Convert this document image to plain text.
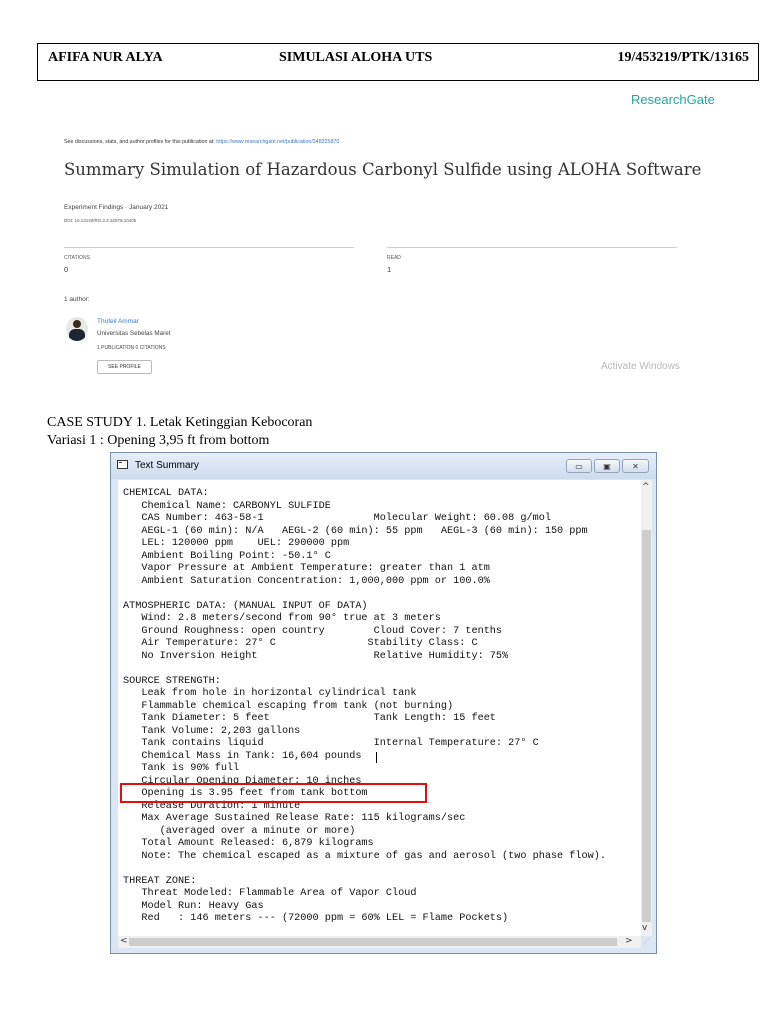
AFIFA NUR ALYA	SIMULASI ALOHA UTS	19/453219/PTK/13165
ResearchGate
See discussions, stats, and author profiles for this publication at: https://www.researchgate.net/publication/348325870
Summary Simulation of Hazardous Carbonyl Sulfide using ALOHA Software
Experiment Findings · January 2021
DOI: 10.13140/RG.2.2.32975.10405
CITATIONS
0
READ
1
1 author:
Thufeil Ammar
Universitas Sebelas Maret
1 PUBLICATION 0 CITATIONS
SEE PROFILE	Activate Windows
CASE STUDY 1. Letak Ketinggian Kebocoran
Variasi 1 : Opening 3,95 ft from bottom
Text Summary	▭	▣	✕
CHEMICAL DATA:
Chemical Name: CARBONYL SULFIDE
CAS Number: 463-58-1                  Molecular Weight: 60.08 g/mol
AEGL-1 (60 min): N/A   AEGL-2 (60 min): 55 ppm   AEGL-3 (60 min): 150 ppm
LEL: 120000 ppm    UEL: 290000 ppm
Ambient Boiling Point: -50.1° C
Vapor Pressure at Ambient Temperature: greater than 1 atm
Ambient Saturation Concentration: 1,000,000 ppm or 100.0%

ATMOSPHERIC DATA: (MANUAL INPUT OF DATA)
Wind: 2.8 meters/second from 90° true at 3 meters
Ground Roughness: open country        Cloud Cover: 7 tenths
Air Temperature: 27° C               Stability Class: C
No Inversion Height                   Relative Humidity: 75%

SOURCE STRENGTH:
Leak from hole in horizontal cylindrical tank
Flammable chemical escaping from tank (not burning)
Tank Diameter: 5 feet                 Tank Length: 15 feet
Tank Volume: 2,203 gallons
Tank contains liquid                  Internal Temperature: 27° C
Chemical Mass in Tank: 16,604 pounds
Tank is 90% full
Circular Opening Diameter: 10 inches
Opening is 3.95 feet from tank bottom
Release Duration: 1 minute
Max Average Sustained Release Rate: 115 kilograms/sec
(averaged over a minute or more)
Total Amount Released: 6,879 kilograms
Note: The chemical escaped as a mixture of gas and aerosol (two phase flow).

THREAT ZONE:
Threat Modeled: Flammable Area of Vapor Cloud
Model Run: Heavy Gas
Red   : 146 meters --- (72000 ppm = 60% LEL = Flame Pockets)
^
v
<	> ⋰
